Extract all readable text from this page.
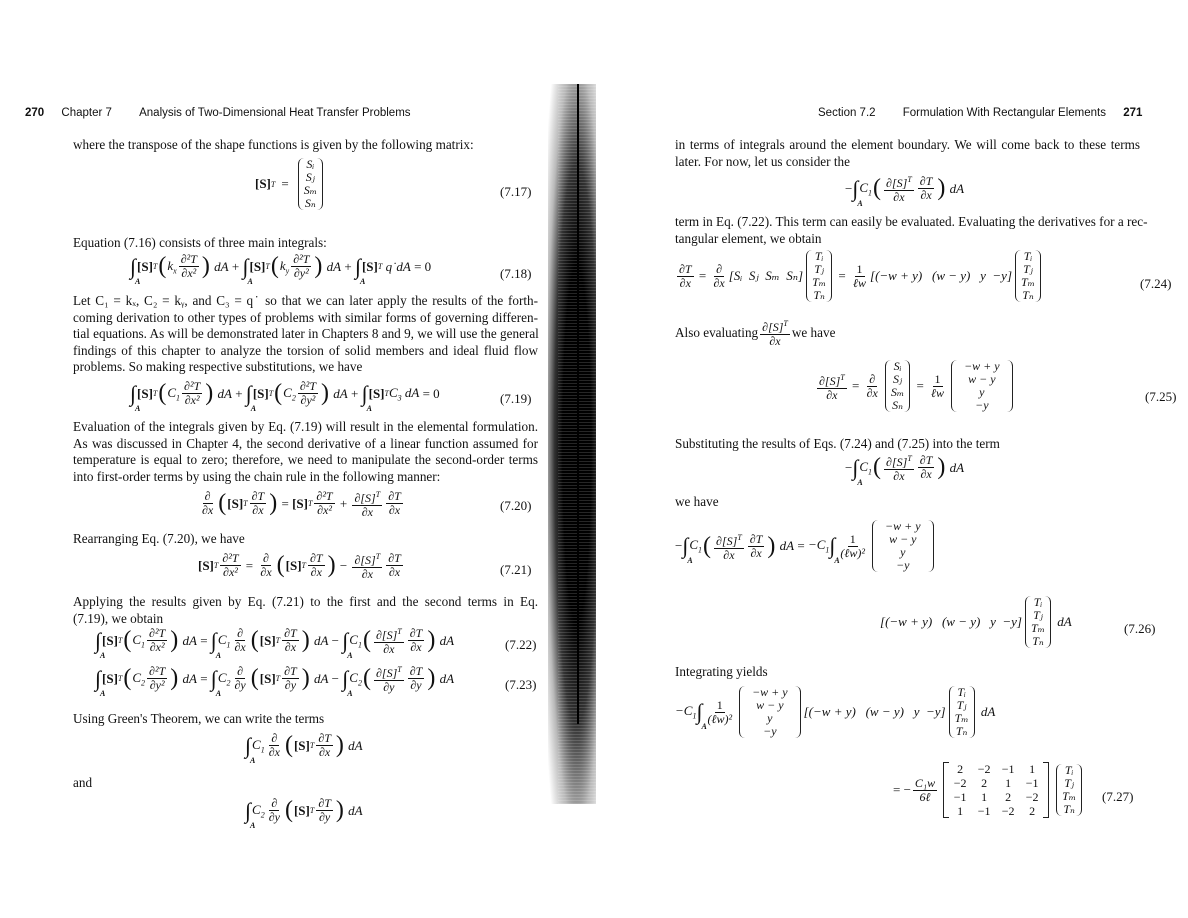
270 Chapter 7 Analysis of Two-Dimensional Heat Transfer Problems
where the transpose of the shape functions is given by the following matrix:
[S] T =
Sᵢ
Sⱼ
Sₘ
Sₙ
(7.17)
Equation (7.16) consists of three main integrals:
∫
A
[S] T ( $k_x \frac{\text{∂²T}}{\text{∂x²}}$ ) dA + ∫
A
[S] T ( $k_y \frac{\text{∂²T}}{\text{∂y²}}$ ) dA + ∫
A
[S] T q˙dA = 0	(7.18)
Let C₁ = kₓ, C₂ = kᵧ, and C₃ = q˙ so that we can later apply the results of the forth-
coming derivation to other types of problems with similar forms of governing differen-
tial equations. As will be demonstrated later in Chapters 8 and 9, we will use the general
findings of this chapter to analyze the torsion of solid members and ideal fluid flow
problems. So making respective substitutions, we have
∫
A
[S] T ( $C_1 \frac{\text{∂²T}}{\text{∂x²}}$ ) dA + ∫
A
[S] T ( $C_2 \frac{\text{∂²T}}{\text{∂y²}}$ ) dA + ∫
A
[S] T $C_3$ dA = 0	(7.19)
Evaluation of the integrals given by Eq. (7.19) will result in the elemental formulation.
As was discussed in Chapter 4, the second derivative of a linear function assumed for
temperature is equal to zero; therefore, we need to manipulate the second-order terms
into first-order terms by using the chain rule in the following manner:
$\frac{\partial}{\partial x}$ ( [S] T $\frac{\partial T}{\partial x}$ ) = [S] T $\frac{\text{∂²T}}{\text{∂x²}} + \frac{\partial[S]^T}{\partial x} \frac{\partial T}{\partial x}$	(7.20)
Rearranging Eq. (7.20), we have
[S] T $\frac{\text{∂²T}}{\text{∂x²}} = \frac{\partial}{\partial x}$ ( [S] T $\frac{\partial T}{\partial x}$ ) − $\frac{\partial[S]^T}{\partial x} \frac{\partial T}{\partial x}$	(7.21)
Applying the results given by Eq. (7.21) to the first and the second terms in Eq.
(7.19), we obtain
∫
A
[S] T ( $C_1 \frac{\text{∂²T}}{\text{∂x²}}$ ) dA = ∫
A
$C_1 \frac{\partial}{\partial x}$ ( [S] T $\frac{\partial T}{\partial x}$ ) dA − ∫
A
$C_1$ ( $\frac{\partial[S]^T}{\partial x} \frac{\partial T}{\partial x}$ ) dA	(7.22)
∫
A
[S] T ( $C_2 \frac{\text{∂²T}}{\text{∂y²}}$ ) dA = ∫
A
$C_2 \frac{\partial}{\partial y}$ ( [S] T $\frac{\partial T}{\partial y}$ ) dA − ∫
A
$C_2$ ( $\frac{\partial[S]^T}{\partial y} \frac{\partial T}{\partial y}$ ) dA	(7.23)
Using Green's Theorem, we can write the terms
∫
A
$C_1 \frac{\partial}{\partial x}$ ( [S] T $\frac{\partial T}{\partial x}$ ) dA
and
∫
A
$C_2 \frac{\partial}{\partial y}$ ( [S] T $\frac{\partial T}{\partial y}$ ) dA
Section 7.2 Formulation With Rectangular Elements 271
in terms of integrals around the element boundary. We will come back to these terms
later. For now, let us consider the
− ∫
A
$C_1$ ( $\frac{\partial[S]^T}{\partial x} \frac{\partial T}{\partial x}$ ) dA
term in Eq. (7.22). This term can easily be evaluated. Evaluating the derivatives for a rec-
tangular element, we obtain
$\frac{\partial T}{\partial x} = \frac{\partial}{\partial x}$ [Sᵢ Sⱼ Sₘ Sₙ]
Tᵢ
Tⱼ
Tₘ
Tₙ
= $\frac{1}{\text{ℓw}} [(-w + y) (w - y)$ y −y]
Tᵢ
Tⱼ
Tₘ
Tₙ
(7.24)
Also evaluating $\frac{\partial[S]^T}{\partial x}$ we have
$\frac{\partial[S]^T}{\partial x} = \frac{\partial}{\partial x}$
Sᵢ
Sⱼ
Sₘ
Sₙ
= $\frac{1}{\text{ℓw}}$
−w + y
w − y
y
−y
(7.25)
Substituting the results of Eqs. (7.24) and (7.25) into the term
− ∫
A
$C_1$ ( $\frac{\partial[S]^T}{\partial x} \frac{\partial T}{\partial x}$ ) dA
we have
− ∫
A
$C_1$ ( $\frac{\partial[S]^T}{\partial x} \frac{\partial T}{\partial x}$ ) dA = $-C_1$ ∫
A
$\frac{1}{\text{(ℓw)²}}$
−w + y
w − y
y
−y
[(−w + y) (w − y) y −y]
Tᵢ
Tⱼ
Tₘ
Tₙ
dA	(7.26)
Integrating yields
$-C_1$ ∫
A
$\frac{1}{\text{(ℓw)²}}$
−w + y
w − y
y
−y
[(−w + y) (w − y) y −y]
Tᵢ
Tⱼ
Tₘ
Tₙ
dA
= − $\frac{\text{C₁w}}{\text{6ℓ}}$
2	−2 −1	1
−2	2	1	−1
−1	1	2	−2
1	−1 −2	2
Tᵢ
Tⱼ
Tₘ
Tₙ
(7.27)
